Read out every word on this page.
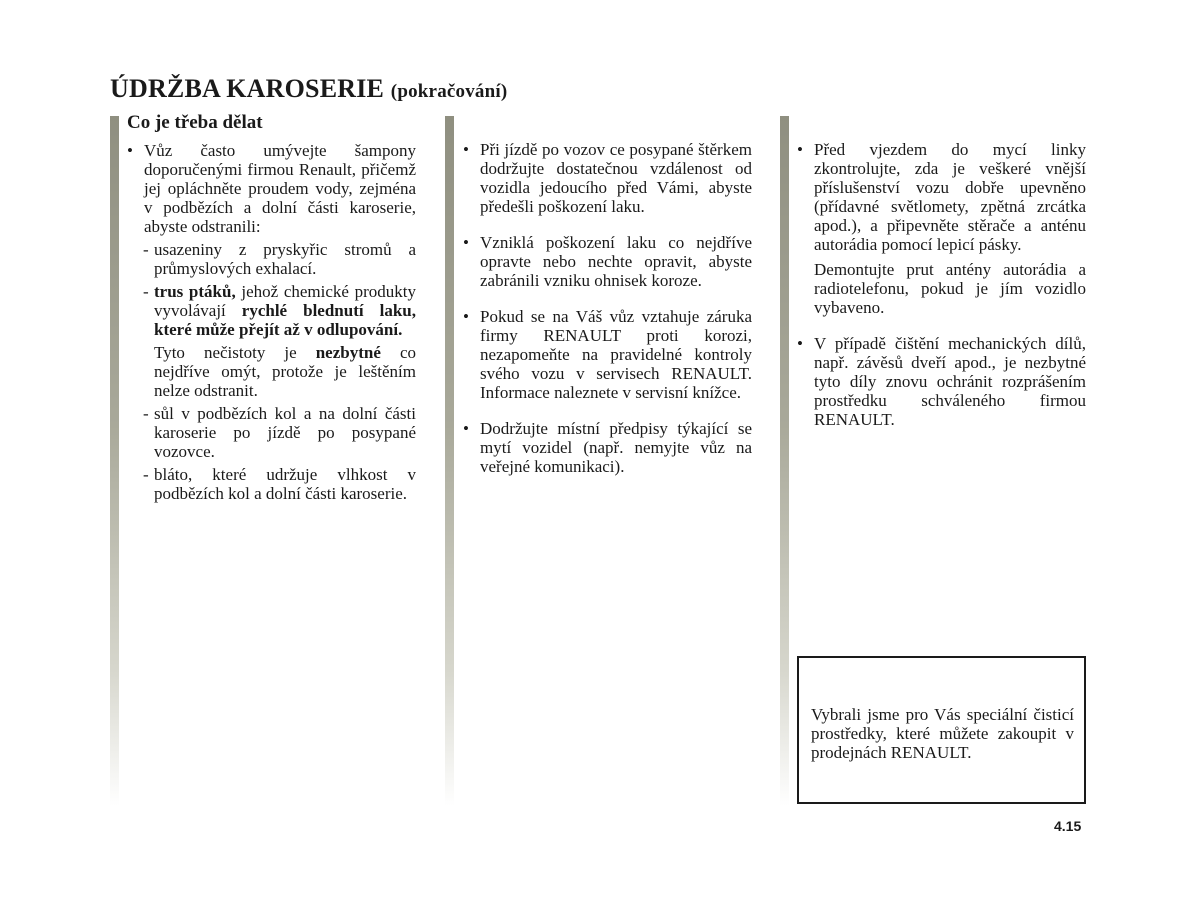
ÚDRŽBA KAROSERIE (pokračování)
Co je třeba dělat
• Vůz často umývejte šampony doporučenými firmou Renault, přičemž jej opláchněte proudem vody, zejména v podbězích a dolní části karoserie, abyste odstranili:

- usazeniny z pryskyřic stromů a průmyslových exhalací.

- trus ptáků, jehož chemické produkty vyvolávají rychlé blednutí laku, které může přejít až v odlupování.

Tyto nečistoty je nezbytné co nejdříve omýt, protože je leštěním nelze odstranit.

- sůl v podbězích kol a na dolní části karoserie po jízdě po posypané vozovce.

- bláto, které udržuje vlhkost v podbězích kol a dolní části karoserie.

• Při jízdě po vozov ce posypané štěrkem dodržujte dostatečnou vzdálenost od vozidla jedoucího před Vámi, abyste předešli poškození laku.

• Vzniklá poškození laku co nejdříve opravte nebo nechte opravit, abyste zabránili vzniku ohnisek koroze.

• Pokud se na Váš vůz vztahuje záruka firmy RENAULT proti korozi, nezapomeňte na pravidelné kontroly svého vozu v servisech RENAULT. Informace naleznete v servisní knížce.

• Dodržujte místní předpisy týkající se mytí vozidel (např. nemyjte vůz na veřejné komunikaci).

• Před vjezdem do mycí linky zkontrolujte, zda je veškeré vnější příslušenství vozu dobře upevněno (přídavné světlomety, zpětná zrcátka apod.), a připevněte stěrače a anténu autorádia pomocí lepicí pásky.

Demontujte prut antény autorádia a radiotelefonu, pokud je jím vozidlo vybaveno.

• V případě čištění mechanických dílů, např. závěsů dveří apod., je nezbytné tyto díly znovu ochránit rozprášením prostředku schváleného firmou RENAULT.

Vybrali jsme pro Vás speciální čisticí prostředky, které můžete zakoupit v prodejnách RENAULT.

4.15
